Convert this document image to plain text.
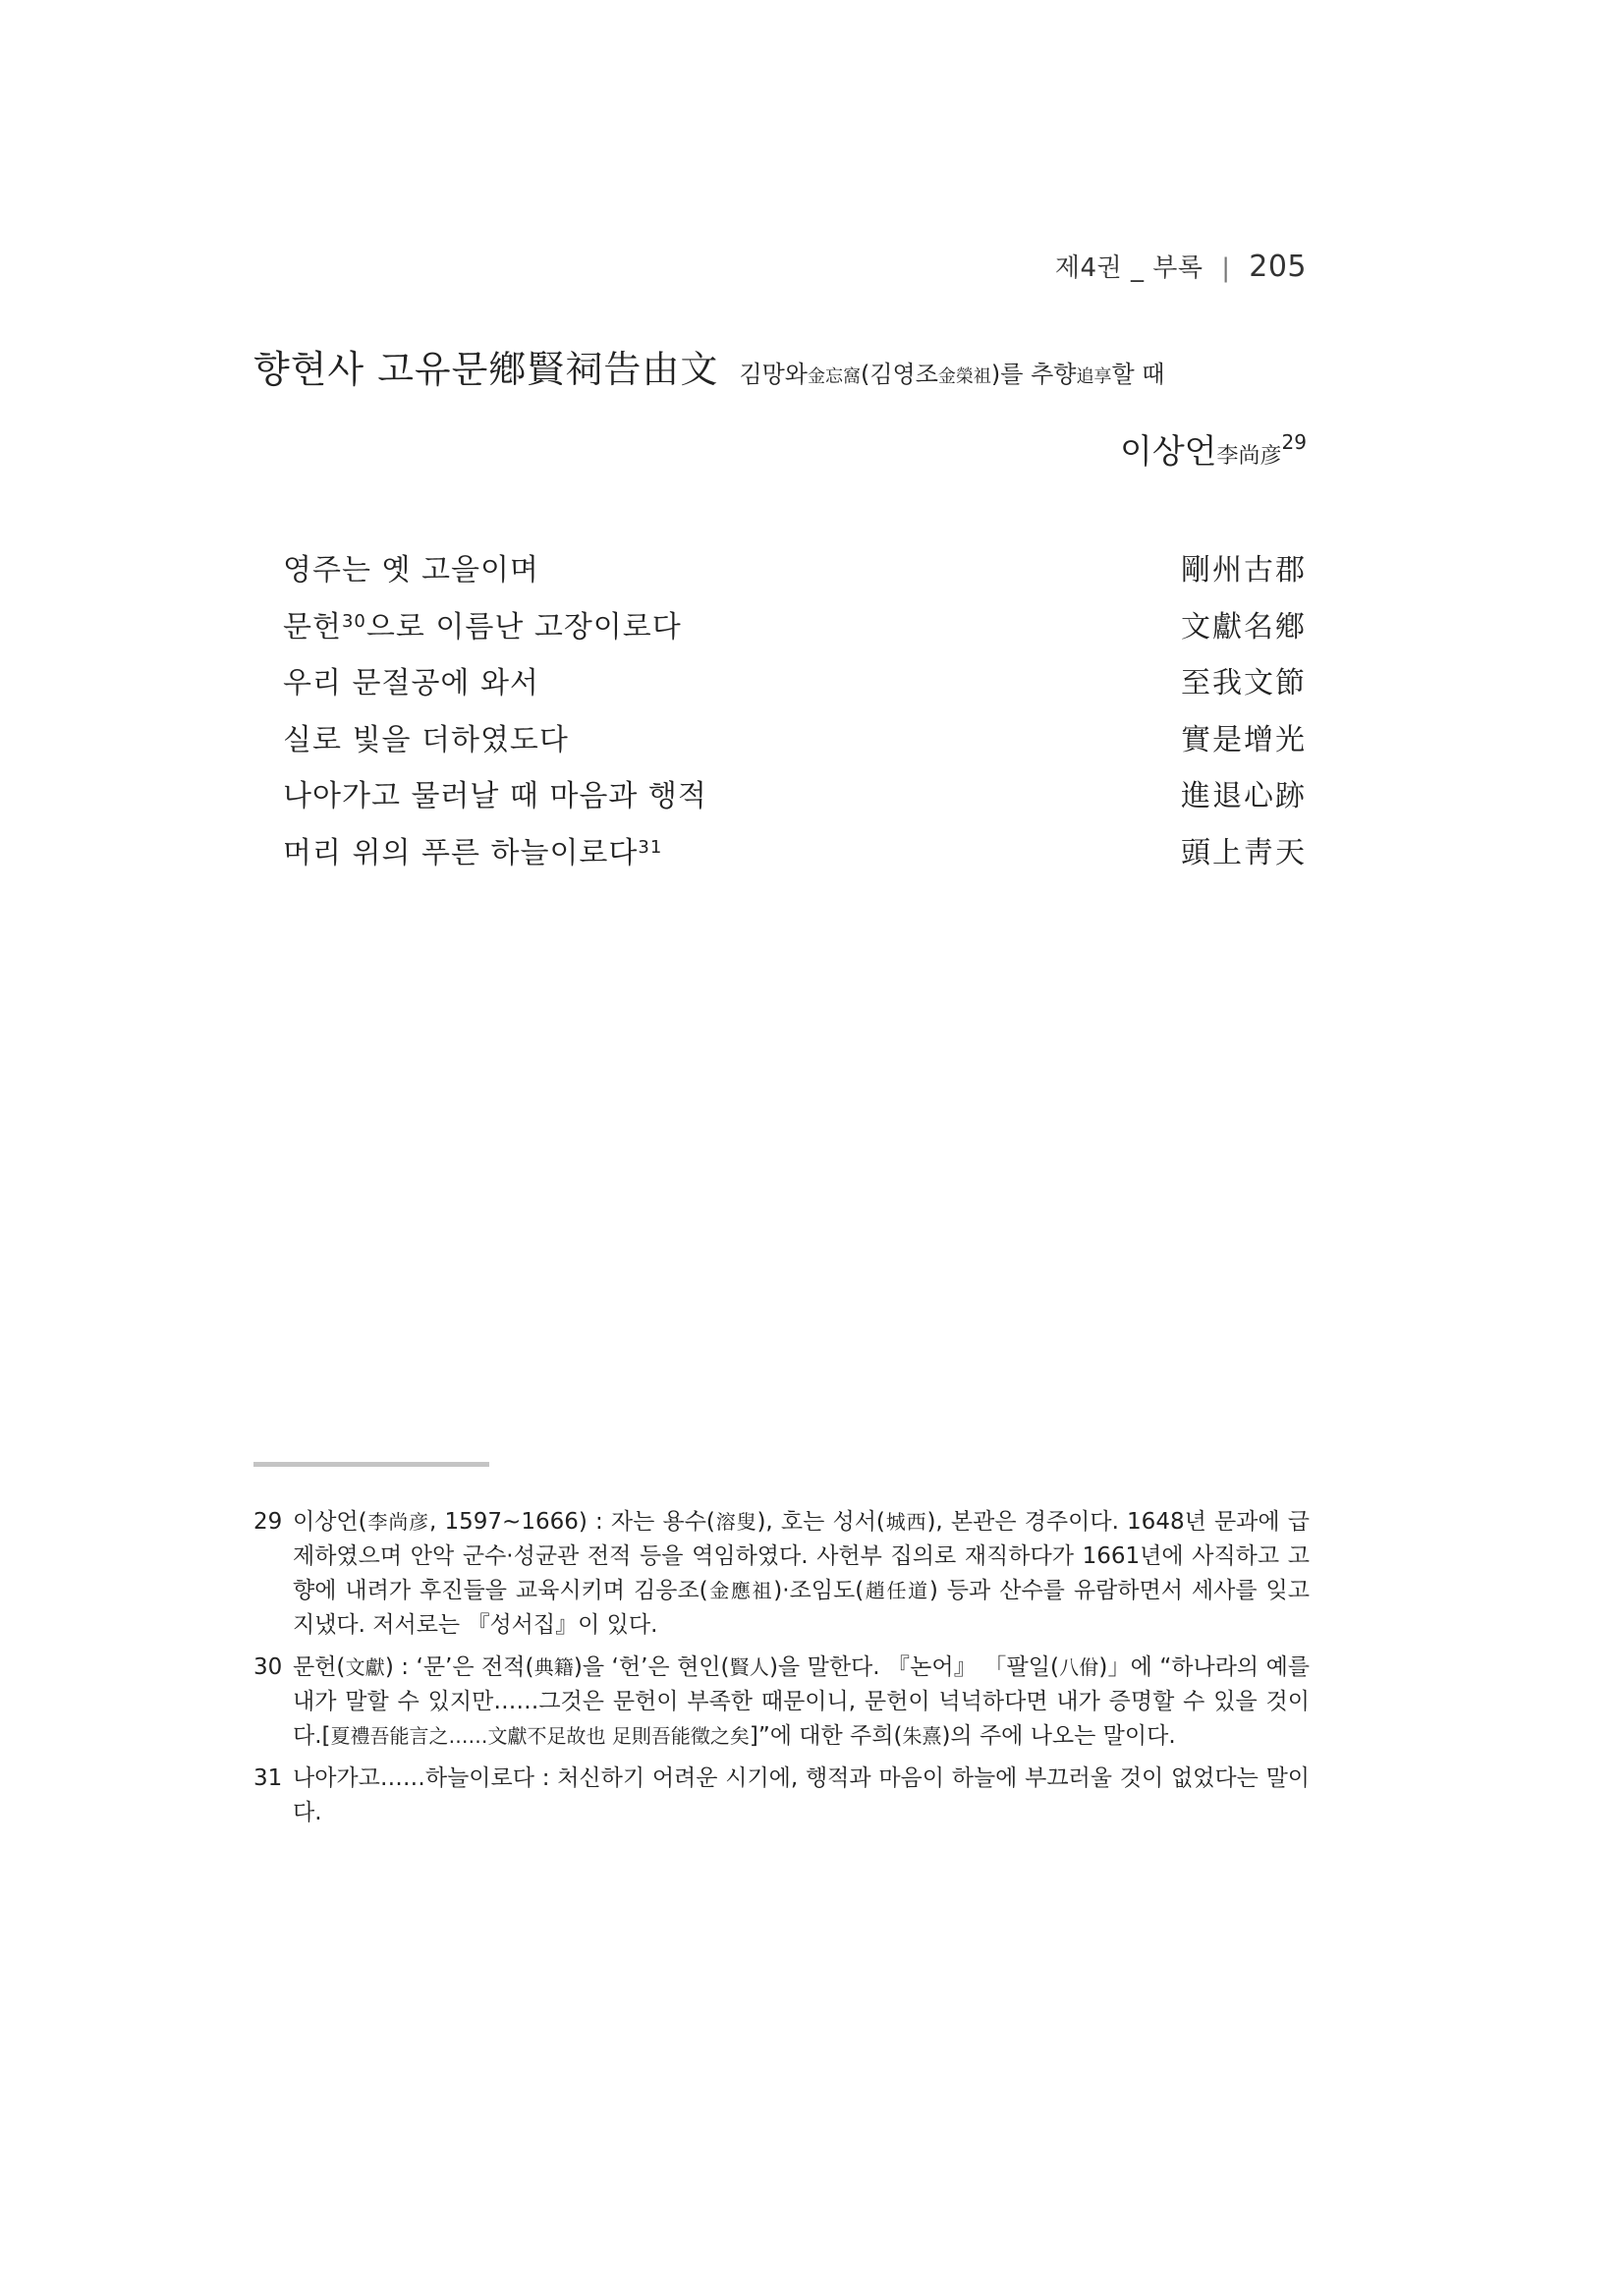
제4권 _ 부록 | 205
향현사 고유문鄕賢祠告由文 김망와金忘窩(김영조金榮祖)를 추향追享할 때
이상언李尚彦$^{29}$
영주는 옛 고을이며	剛州古郡
문헌$^{30}$으로 이름난 고장이로다	文獻名鄕
우리 문절공에 와서	至我文節
실로 빛을 더하였도다	實是增光
나아가고 물러날 때 마음과 행적	進退心跡
머리 위의 푸른 하늘이로다$^{31}$	頭上靑天
29 이상언(李尚彦, 1597~1666) : 자는 용수(溶叟), 호는 성서(城西), 본관은 경주이다. 1648년 문과에 급제하였으며 안악 군수·성균관 전적 등을 역임하였다. 사헌부 집의로 재직하다가 1661년에 사직하고 고향에 내려가 후진들을 교육시키며 김응조(金應祖)·조임도(趙任道) 등과 산수를 유람하면서 세사를 잊고 지냈다. 저서로는 『성서집』이 있다.
30 문헌(文獻) : ‘문’은 전적(典籍)을 ‘헌’은 현인(賢人)을 말한다. 『논어』 「팔일(八佾)」에 “하나라의 예를 내가 말할 수 있지만……그것은 문헌이 부족한 때문이니, 문헌이 넉넉하다면 내가 증명할 수 있을 것이다.[夏禮吾能言之……文獻不足故也 足則吾能徵之矣]”에 대한 주희(朱熹)의 주에 나오는 말이다.
31 나아가고……하늘이로다 : 처신하기 어려운 시기에, 행적과 마음이 하늘에 부끄러울 것이 없었다는 말이다.
